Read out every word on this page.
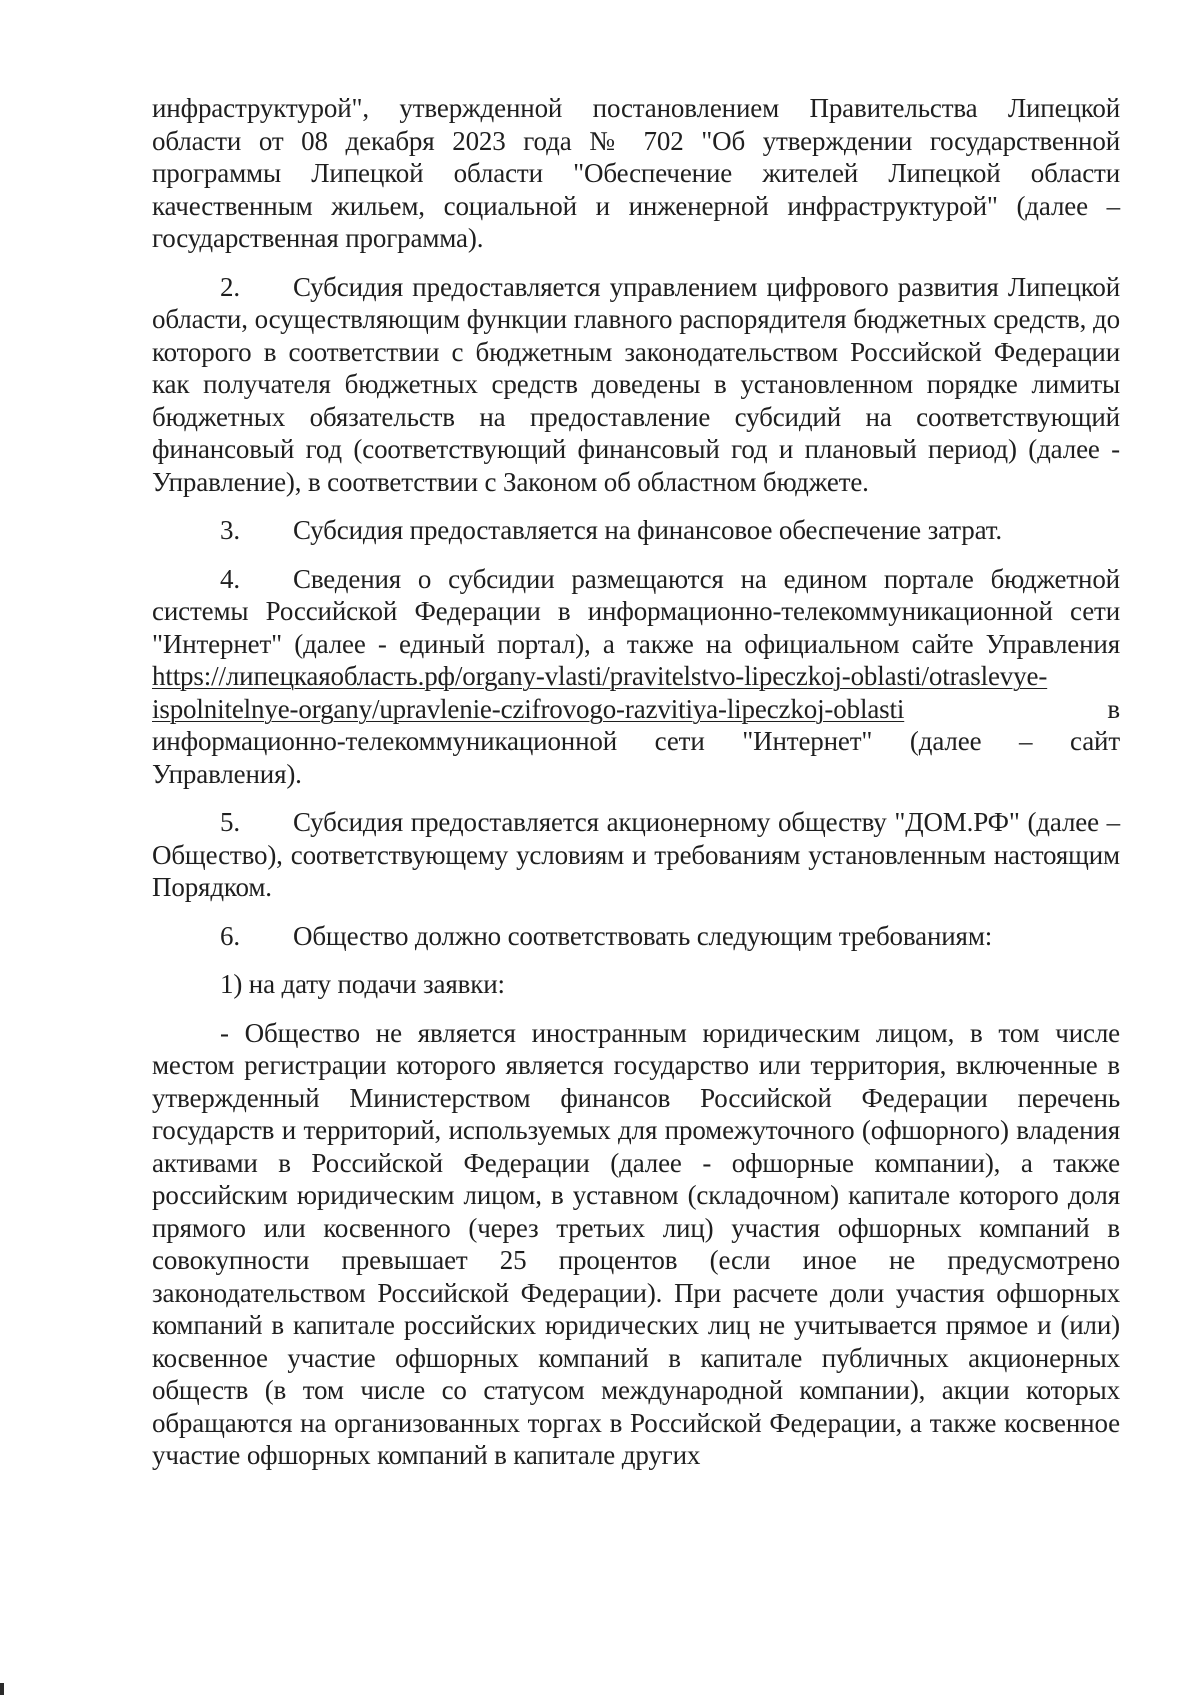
инфраструктурой", утвержденной постановлением Правительства Липецкой области от 08 декабря 2023 года № 702 "Об утверждении государственной программы Липецкой области "Обеспечение жителей Липецкой области качественным жильем, социальной и инженерной инфраструктурой" (далее – государственная программа).

2. Субсидия предоставляется управлением цифрового развития Липецкой области, осуществляющим функции главного распорядителя бюджетных средств, до которого в соответствии с бюджетным законодательством Российской Федерации как получателя бюджетных средств доведены в установленном порядке лимиты бюджетных обязательств на предоставление субсидий на соответствующий финансовый год (соответствующий финансовый год и плановый период) (далее - Управление), в соответствии с Законом об областном бюджете.

3. Субсидия предоставляется на финансовое обеспечение затрат.

4. Сведения о субсидии размещаются на едином портале бюджетной системы Российской Федерации в информационно-телекоммуникационной сети "Интернет" (далее - единый портал), а также на официальном сайте Управления https://липецкаяобласть.рф/organy-vlasti/pravitelstvo-lipeczkoj-oblasti/otraslevye-ispolnitelnye-organy/upravlenie-czifrovogo-razvitiya-lipeczkoj-oblasti в информационно-телекоммуникационной сети "Интернет" (далее – сайт Управления).

5. Субсидия предоставляется акционерному обществу "ДОМ.РФ" (далее – Общество), соответствующему условиям и требованиям установленным настоящим Порядком.

6. Общество должно соответствовать следующим требованиям:

1) на дату подачи заявки:

- Общество не является иностранным юридическим лицом, в том числе местом регистрации которого является государство или территория, включенные в утвержденный Министерством финансов Российской Федерации перечень государств и территорий, используемых для промежуточного (офшорного) владения активами в Российской Федерации (далее - офшорные компании), а также российским юридическим лицом, в уставном (складочном) капитале которого доля прямого или косвенного (через третьих лиц) участия офшорных компаний в совокупности превышает 25 процентов (если иное не предусмотрено законодательством Российской Федерации). При расчете доли участия офшорных компаний в капитале российских юридических лиц не учитывается прямое и (или) косвенное участие офшорных компаний в капитале публичных акционерных обществ (в том числе со статусом международной компании), акции которых обращаются на организованных торгах в Российской Федерации, а также косвенное участие офшорных компаний в капитале других
